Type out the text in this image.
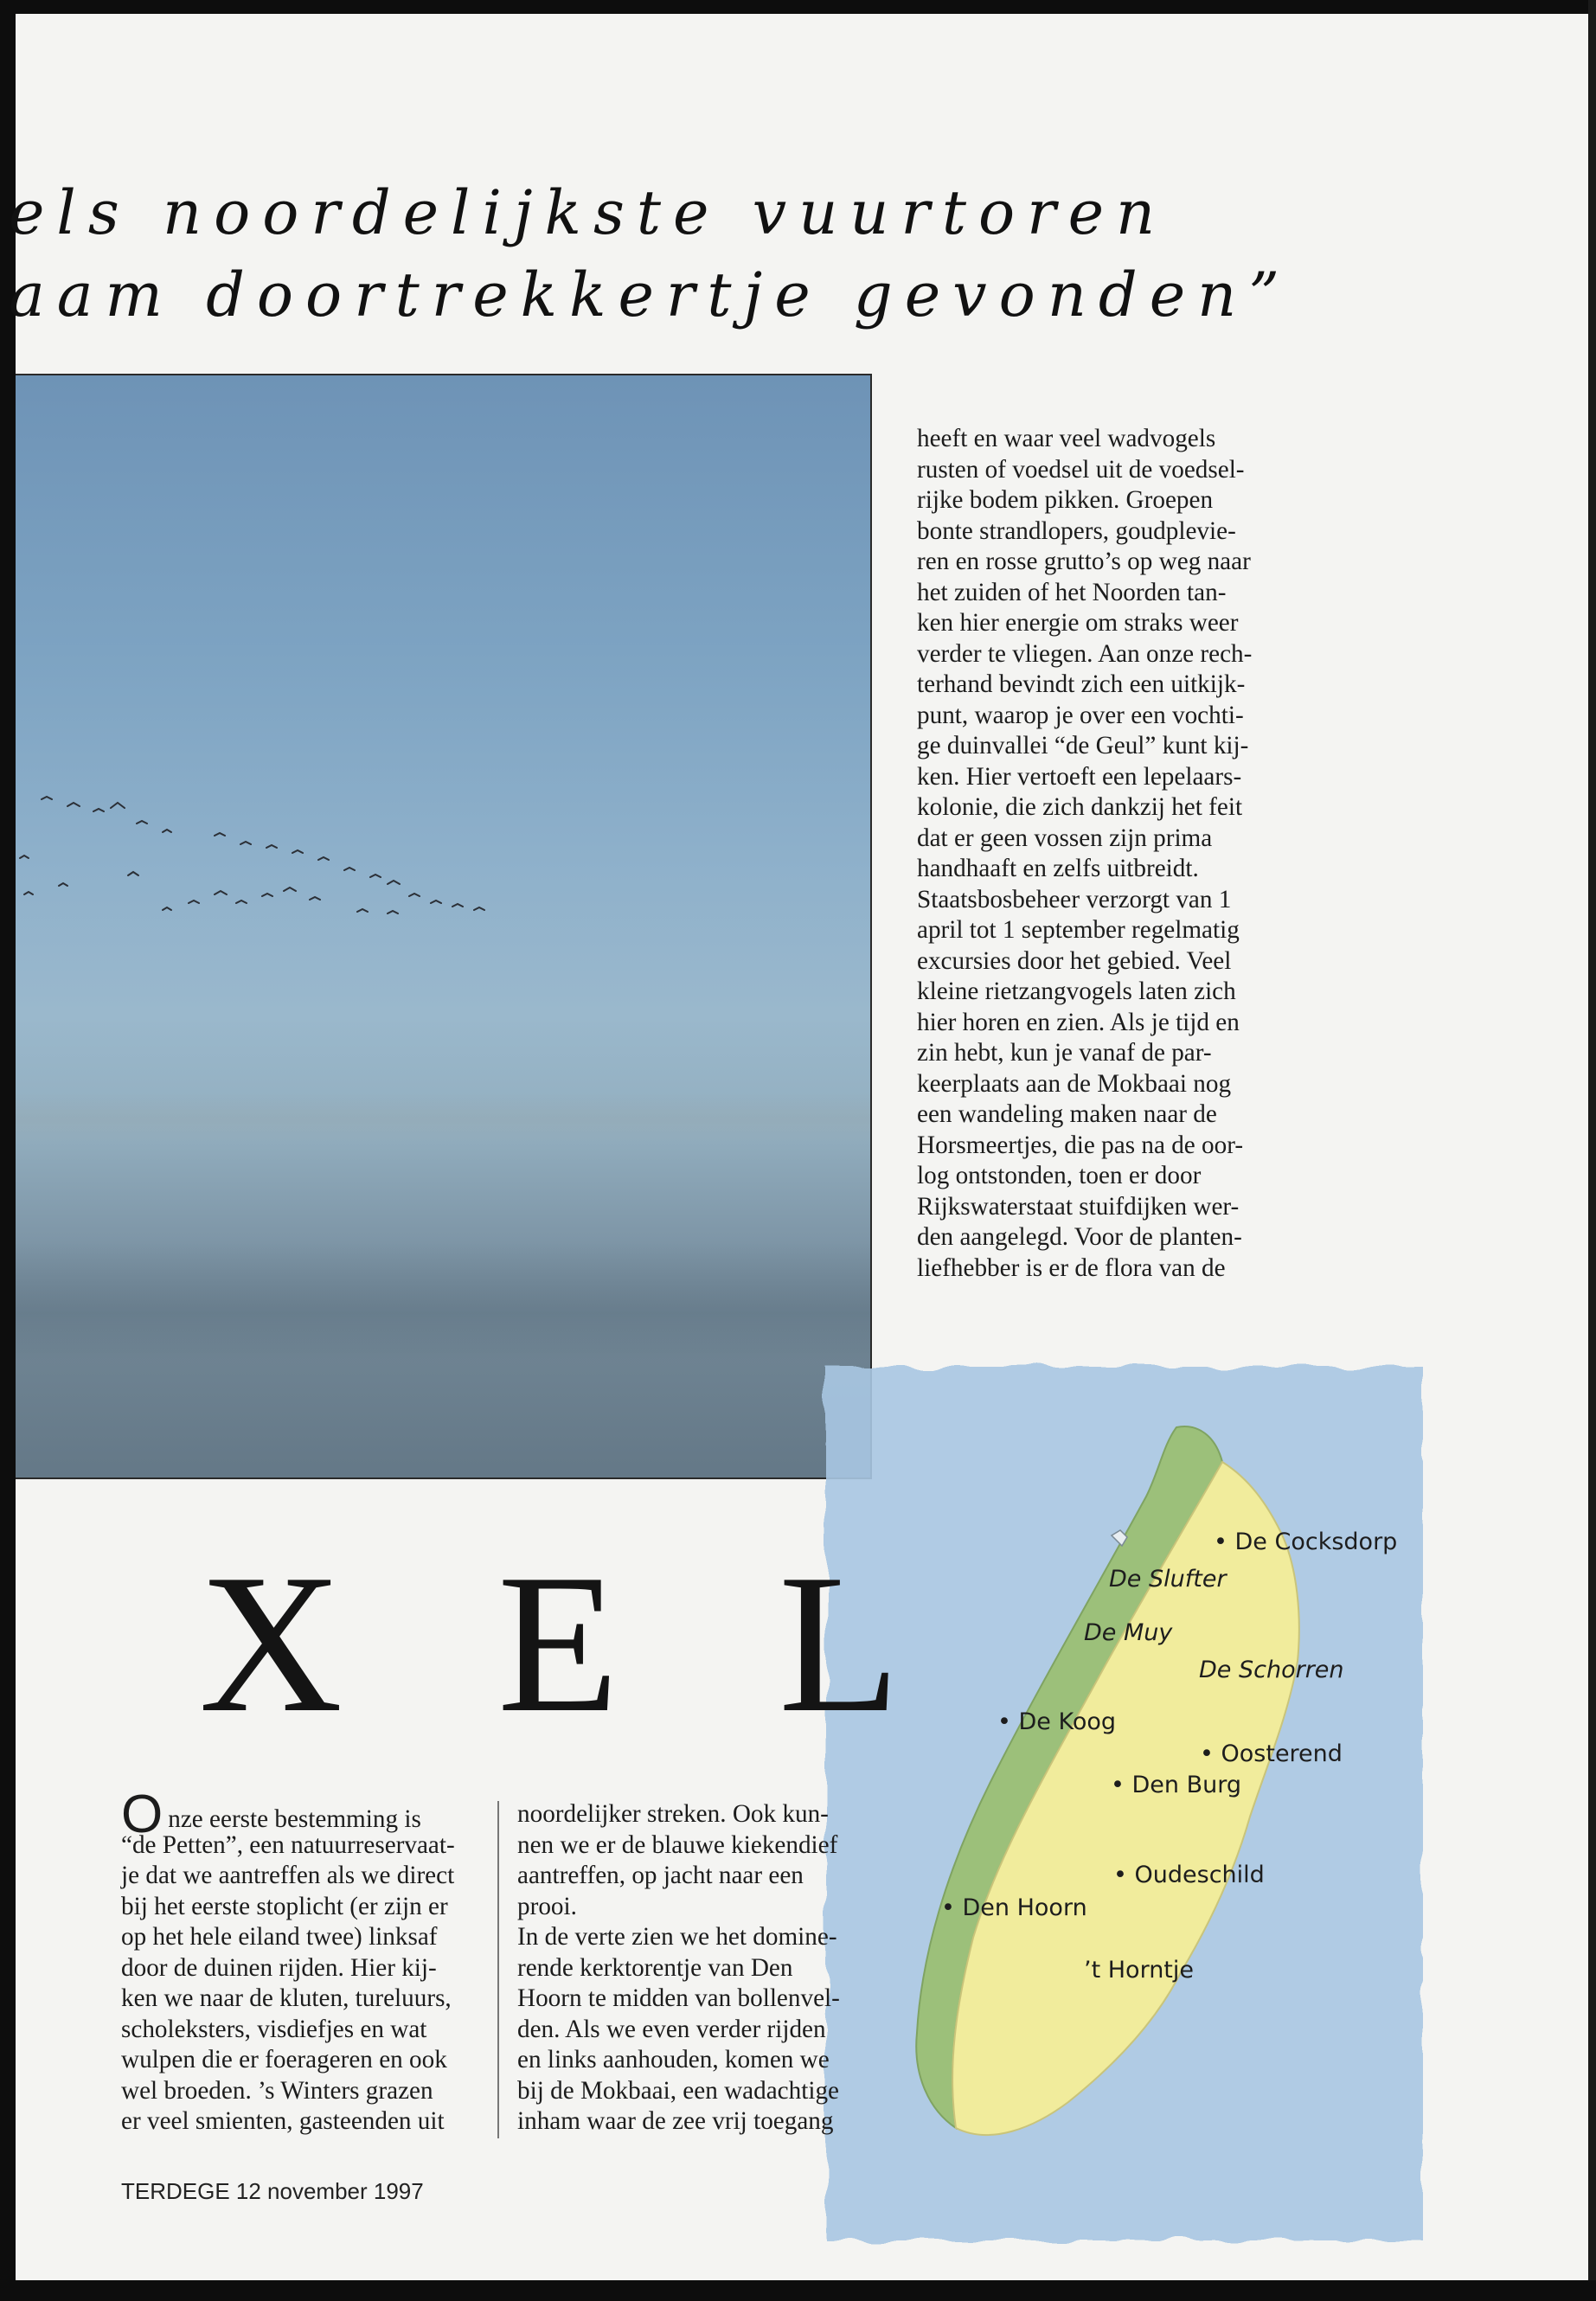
els noordelijkste vuurtoren
aam doortrekkertje gevonden”
heeft en waar veel wadvogels
rusten of voedsel uit de voedsel-
rijke bodem pikken. Groepen
bonte strandlopers, goudplevie-
ren en rosse grutto’s op weg naar
het zuiden of het Noorden tan-
ken hier energie om straks weer
verder te vliegen. Aan onze rech-
terhand bevindt zich een uitkijk-
punt, waarop je over een vochti-
ge duinvallei “de Geul” kunt kij-
ken. Hier vertoeft een lepelaars-
kolonie, die zich dankzij het feit
dat er geen vossen zijn prima
handhaaft en zelfs uitbreidt.
Staatsbosbeheer verzorgt van 1
april tot 1 september regelmatig
excursies door het gebied. Veel
kleine rietzangvogels laten zich
hier horen en zien. Als je tijd en
zin hebt, kun je vanaf de par-
keerplaats aan de Mokbaai nog
een wandeling maken naar de
Horsmeertjes, die pas na de oor-
log ontstonden, toen er door
Rijkswaterstaat stuifdijken wer-
den aangelegd. Voor de planten-
liefhebber is er de flora van de
X E L	• De Cocksdorp
De Slufter
De Muy
De Schorren
• De Koog
• Oosterend
• Den Burg
• Oudeschild
• Den Hoorn
’t Horntje
Onze eerste bestemming is
“de Petten”, een natuurreservaat-
je dat we aantreffen als we direct
bij het eerste stoplicht (er zijn er
op het hele eiland twee) linksaf
door de duinen rijden. Hier kij-
ken we naar de kluten, tureluurs,
scholeksters, visdiefjes en wat
wulpen die er foerageren en ook
wel broeden. ’s Winters grazen
er veel smienten, gasteenden uit
noordelijker streken. Ook kun-
nen we er de blauwe kiekendief
aantreffen, op jacht naar een
prooi.
In de verte zien we het domine-
rende kerktorentje van Den
Hoorn te midden van bollenvel-
den. Als we even verder rijden
en links aanhouden, komen we
bij de Mokbaai, een wadachtige
inham waar de zee vrij toegang
TERDEGE 12 november 1997
